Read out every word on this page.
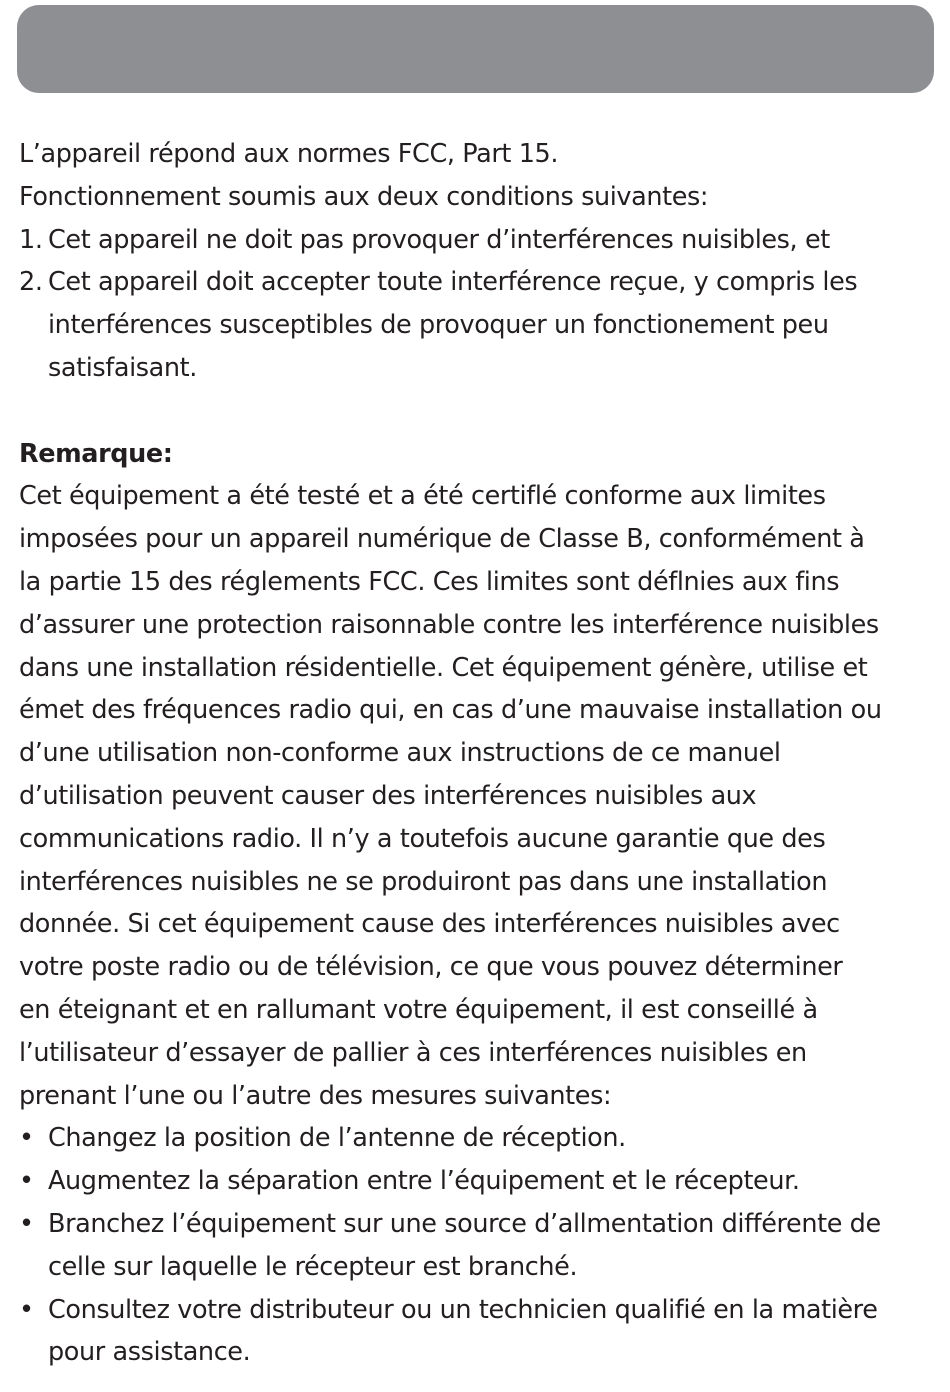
L’appareil répond aux normes FCC, Part 15.
Fonctionnement soumis aux deux conditions suivantes:
1. Cet appareil ne doit pas provoquer d’interférences nuisibles, et
2. Cet appareil doit accepter toute interférence reçue, y compris les
interférences susceptibles de provoquer un fonctionement peu
satisfaisant.
Remarque:
Cet équipement a été testé et a été certiflé conforme aux limites
imposées pour un appareil numérique de Classe B, conformément à
la partie 15 des réglements FCC. Ces limites sont déflnies aux fins
d’assurer une protection raisonnable contre les interférence nuisibles
dans une installation résidentielle. Cet équipement génère, utilise et
émet des fréquences radio qui, en cas d’une mauvaise installation ou
d’une utilisation non-conforme aux instructions de ce manuel
d’utilisation peuvent causer des interférences nuisibles aux
communications radio. Il n’y a toutefois aucune garantie que des
interférences nuisibles ne se produiront pas dans une installation
donnée. Si cet équipement cause des interférences nuisibles avec
votre poste radio ou de télévision, ce que vous pouvez déterminer
en éteignant et en rallumant votre équipement, il est conseillé à
l’utilisateur d’essayer de pallier à ces interférences nuisibles en
prenant l’une ou l’autre des mesures suivantes:
• Changez la position de l’antenne de réception.
• Augmentez la séparation entre l’équipement et le récepteur.
• Branchez l’équipement sur une source d’allmentation différente de
celle sur laquelle le récepteur est branché.
• Consultez votre distributeur ou un technicien qualifié en la matière
pour assistance.
